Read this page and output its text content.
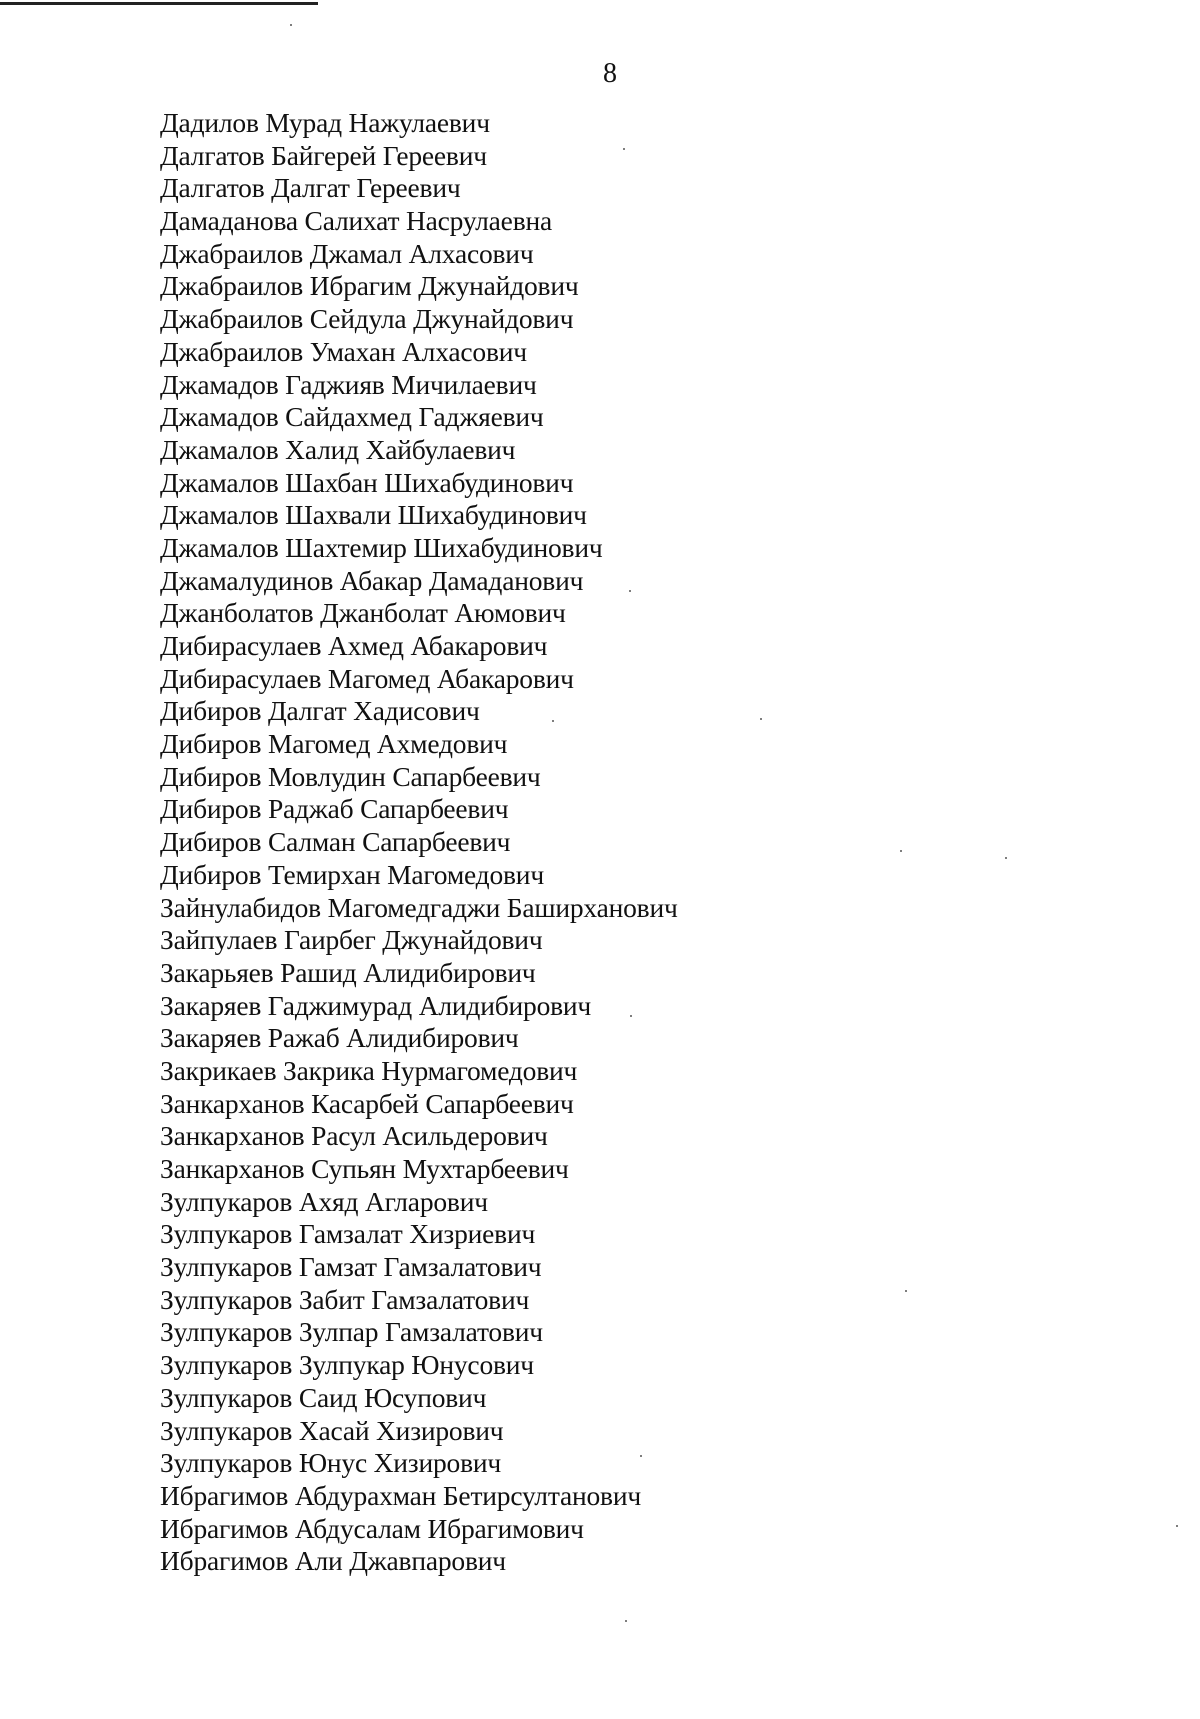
8
Дадилов Мурад Нажулаевич
Далгатов Байгерей Гереевич
Далгатов Далгат Гереевич
Дамаданова Салихат Насрулаевна
Джабраилов Джамал Алхасович
Джабраилов Ибрагим Джунайдович
Джабраилов Сейдула Джунайдович
Джабраилов Умахан Алхасович
Джамадов Гаджияв Мичилаевич
Джамадов Сайдахмед Гаджяевич
Джамалов Халид Хайбулаевич
Джамалов Шахбан Шихабудинович
Джамалов Шахвали Шихабудинович
Джамалов Шахтемир Шихабудинович
Джамалудинов Абакар Дамаданович
Джанболатов Джанболат Аюмович
Дибирасулаев Ахмед Абакарович
Дибирасулаев Магомед Абакарович
Дибиров Далгат Хадисович
Дибиров Магомед Ахмедович
Дибиров Мовлудин Сапарбеевич
Дибиров Раджаб Сапарбеевич
Дибиров Салман Сапарбеевич
Дибиров Темирхан Магомедович
Зайнулабидов Магомедгаджи Баширханович
Зайпулаев Гаирбег Джунайдович
Закарьяев Рашид Алидибирович
Закаряев Гаджимурад Алидибирович
Закаряев Ражаб Алидибирович
Закрикаев Закрика Нурмагомедович
Занкарханов Касарбей Сапарбеевич
Занкарханов Расул Асильдерович
Занкарханов Супьян Мухтарбеевич
Зулпукаров Ахяд Агларович
Зулпукаров Гамзалат Хизриевич
Зулпукаров Гамзат Гамзалатович
Зулпукаров Забит Гамзалатович
Зулпукаров Зулпар Гамзалатович
Зулпукаров Зулпукар Юнусович
Зулпукаров Саид Юсупович
Зулпукаров Хасай Хизирович
Зулпукаров Юнус Хизирович
Ибрагимов Абдурахман Бетирсултанович
Ибрагимов Абдусалам Ибрагимович
Ибрагимов Али Джавпарович
